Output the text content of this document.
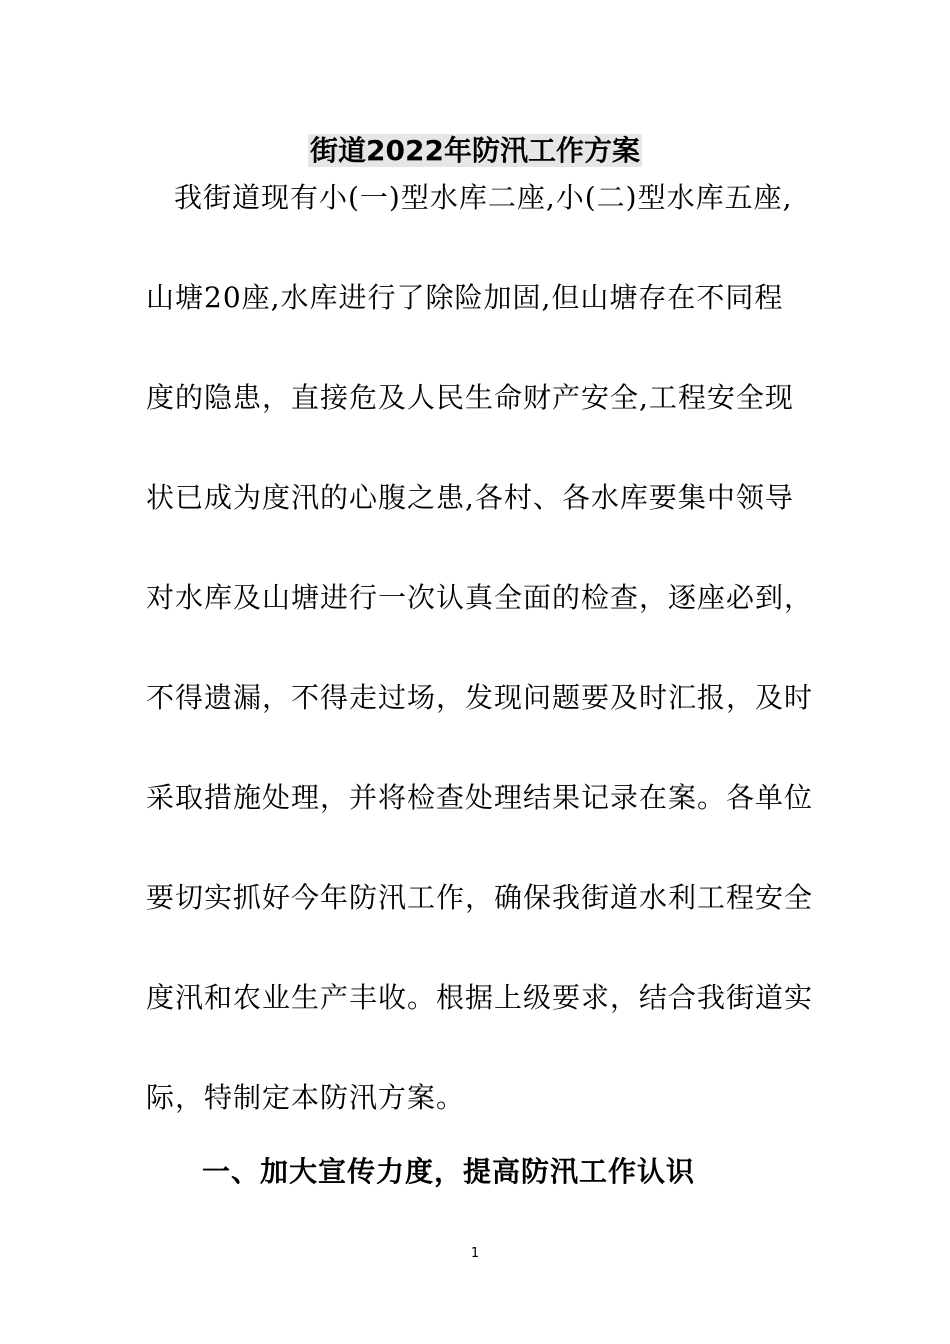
街道2022年防汛工作方案

我街道现有小(一)型水库二座,小(二)型水库五座,

山塘20座,水库进行了除险加固,但山塘存在不同程

度的隐患，直接危及人民生命财产安全,工程安全现

状已成为度汛的心腹之患,各村、各水库要集中领导

对水库及山塘进行一次认真全面的检查，逐座必到，

不得遗漏，不得走过场，发现问题要及时汇报，及时

采取措施处理，并将检查处理结果记录在案。各单位

要切实抓好今年防汛工作，确保我街道水利工程安全

度汛和农业生产丰收。根据上级要求，结合我街道实

际，特制定本防汛方案。

一、加大宣传力度，提高防汛工作认识
1
